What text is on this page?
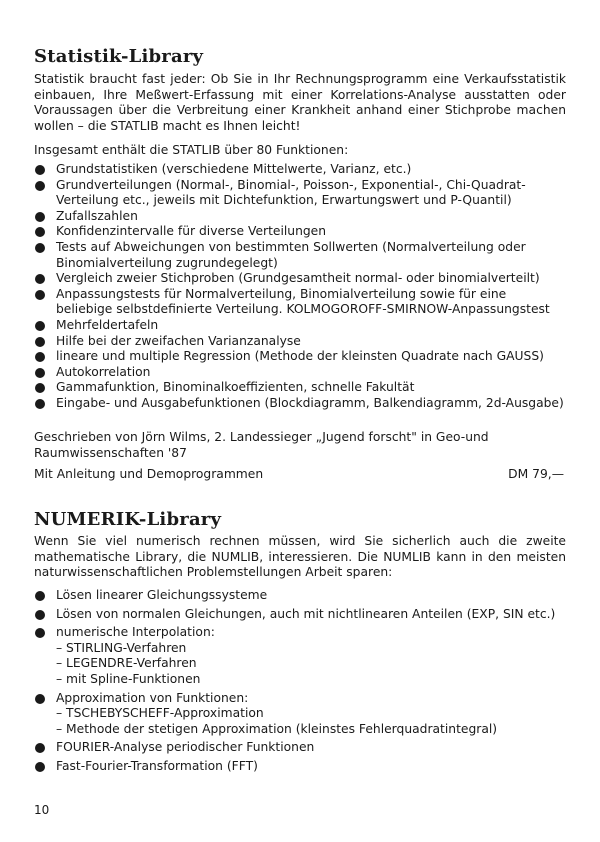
Statistik-Library

Statistik braucht fast jeder: Ob Sie in Ihr Rechnungsprogramm eine Verkaufsstatistik einbauen, Ihre Meßwert-Erfassung mit einer Korrelations-Analyse ausstatten oder Voraussagen über die Verbreitung einer Krankheit anhand einer Stichprobe machen wollen – die STATLIB macht es Ihnen leicht!

Insgesamt enthält die STATLIB über 80 Funktionen:

Grundstatistiken (verschiedene Mittelwerte, Varianz, etc.)
Grundverteilungen (Normal-, Binomial-, Poisson-, Exponential-, Chi-Quadrat-Verteilung etc., jeweils mit Dichtefunktion, Erwartungswert und P-Quantil)
Zufallszahlen
Konfidenzintervalle für diverse Verteilungen
Tests auf Abweichungen von bestimmten Sollwerten (Normalverteilung oder Binomialverteilung zugrundegelegt)
Vergleich zweier Stichproben (Grundgesamtheit normal- oder binomialverteilt)
Anpassungstests für Normalverteilung, Binomialverteilung sowie für eine beliebige selbstdefinierte Verteilung. KOLMOGOROFF-SMIRNOW-Anpassungstest
Mehrfeldertafeln
Hilfe bei der zweifachen Varianzanalyse
lineare und multiple Regression (Methode der kleinsten Quadrate nach GAUSS)
Autokorrelation
Gammafunktion, Binominalkoeffizienten, schnelle Fakultät
Eingabe- und Ausgabefunktionen (Blockdiagramm, Balkendiagramm, 2d-Ausgabe)

Geschrieben von Jörn Wilms, 2. Landessieger „Jugend forscht" in Geo-und Raumwissenschaften '87

Mit Anleitung und Demoprogrammen	DM 79,—
NUMERIK-Library

Wenn Sie viel numerisch rechnen müssen, wird Sie sicherlich auch die zweite mathematische Library, die NUMLIB, interessieren. Die NUMLIB kann in den meisten naturwissenschaftlichen Problemstellungen Arbeit sparen:

Lösen linearer Gleichungssysteme
Lösen von normalen Gleichungen, auch mit nichtlinearen Anteilen (EXP, SIN etc.)
numerische Interpolation:
– STIRLING-Verfahren
– LEGENDRE-Verfahren
– mit Spline-Funktionen
Approximation von Funktionen:
– TSCHEBYSCHEFF-Approximation
– Methode der stetigen Approximation (kleinstes Fehlerquadratintegral)
FOURIER-Analyse periodischer Funktionen
Fast-Fourier-Transformation (FFT)
10
